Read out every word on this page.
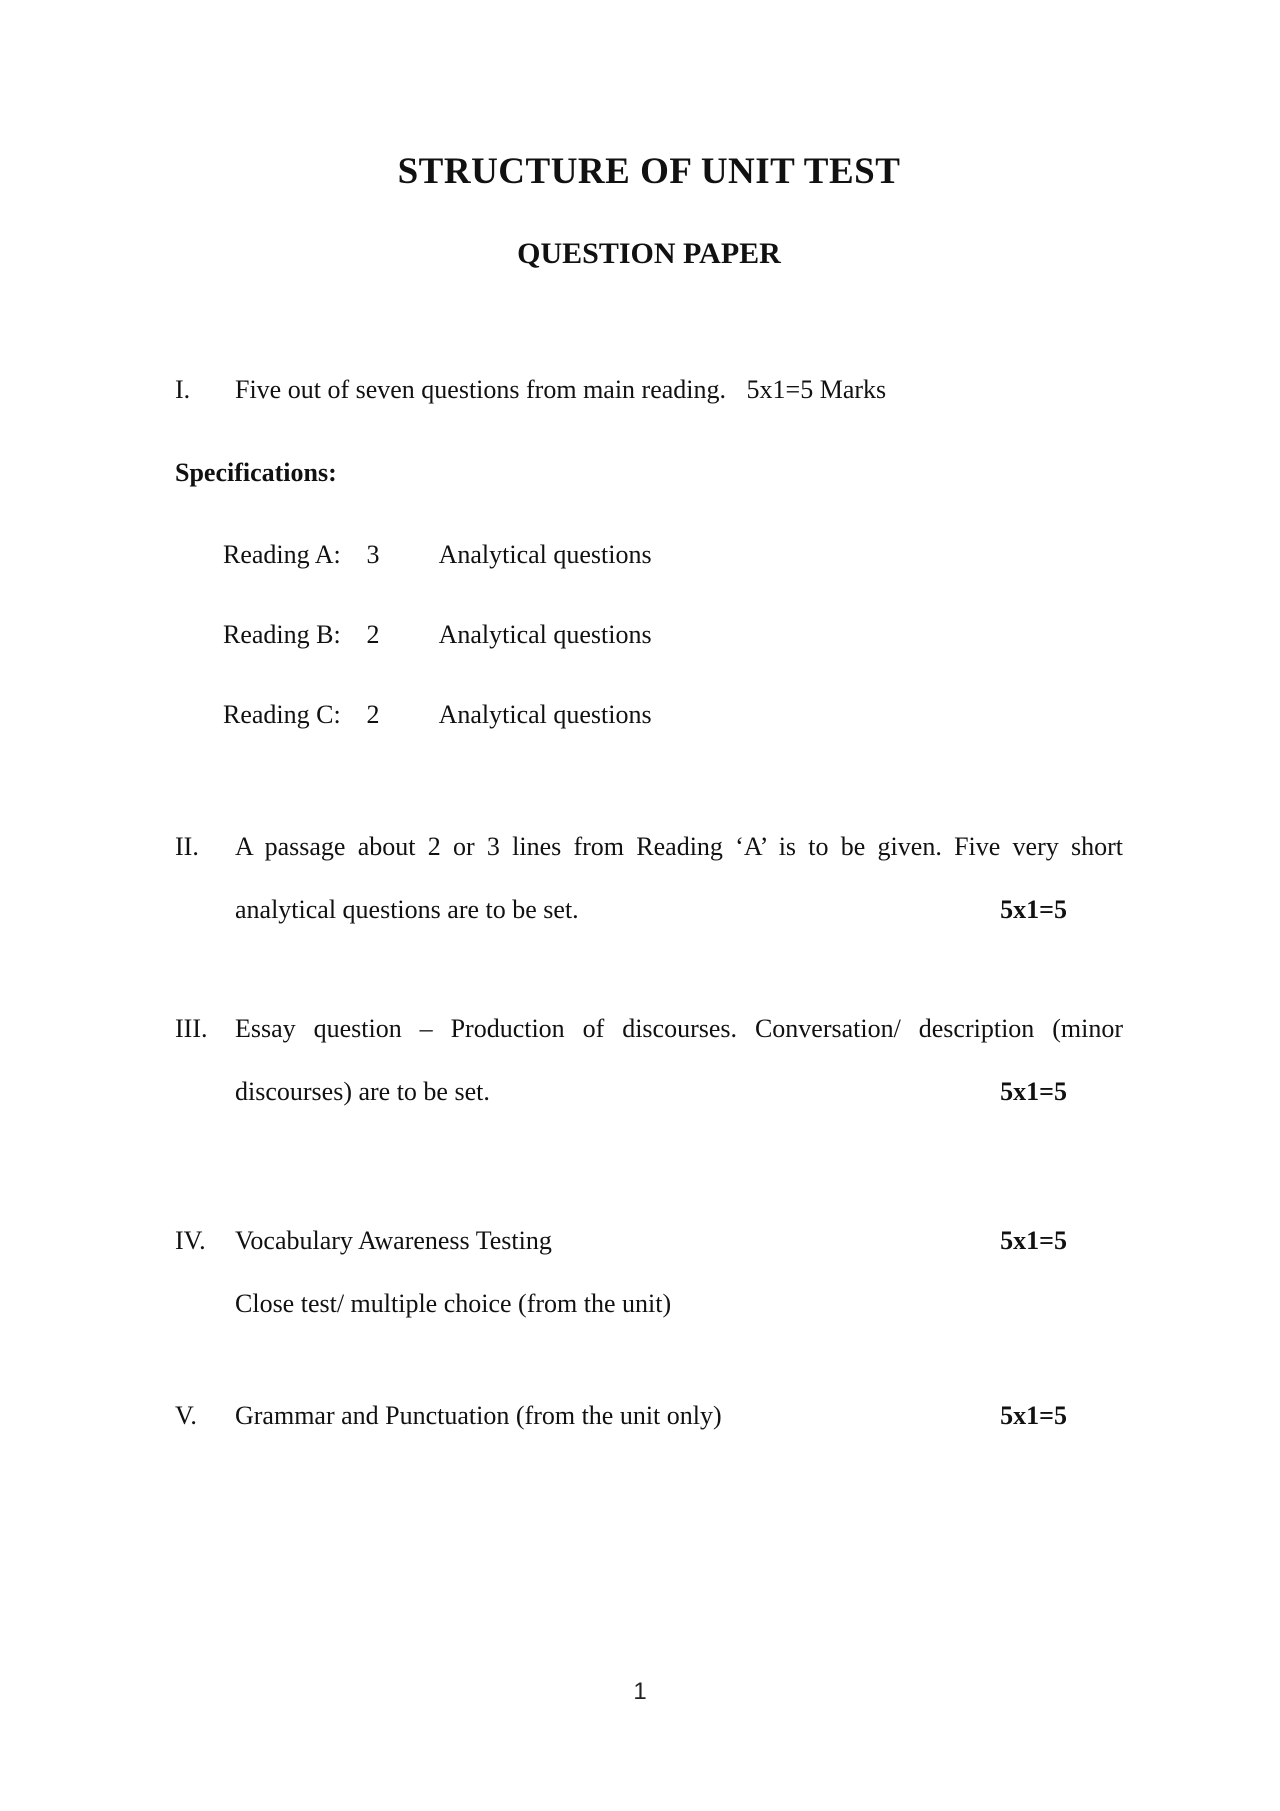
STRUCTURE OF UNIT TEST
QUESTION PAPER
I. Five out of seven questions from main reading. 5x1=5 Marks
Specifications:
Reading A: 3 Analytical questions
Reading B: 2 Analytical questions
Reading C: 2 Analytical questions
II. A passage about 2 or 3 lines from Reading ‘A’ is to be given. Five very short
analytical questions are to be set.	5x1=5
III. Essay question – Production of discourses. Conversation/ description (minor
discourses) are to be set.	5x1=5
IV. Vocabulary Awareness Testing	5x1=5
Close test/ multiple choice (from the unit)
V. Grammar and Punctuation (from the unit only)	5x1=5
1
